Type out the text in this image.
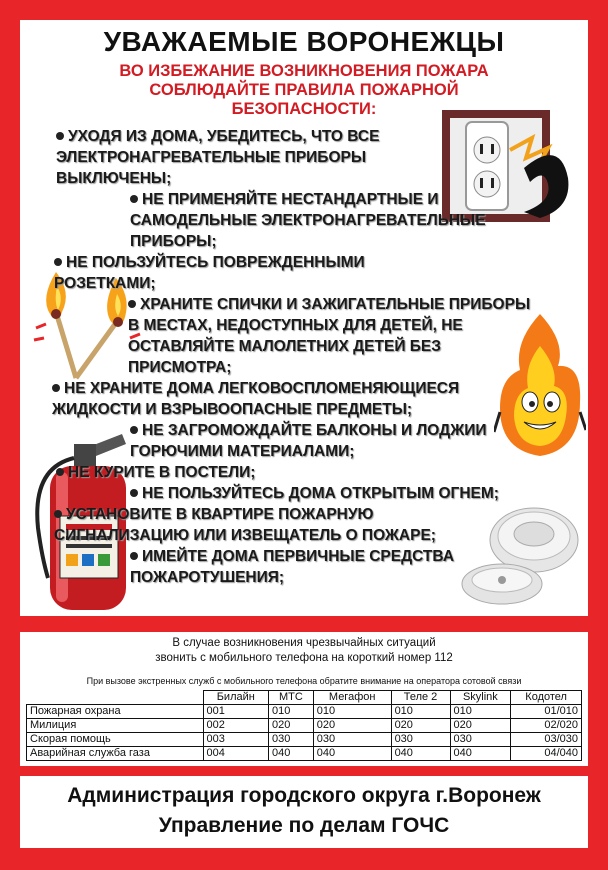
УВАЖАЕМЫЕ ВОРОНЕЖЦЫ
ВО ИЗБЕЖАНИЕ ВОЗНИКНОВЕНИЯ ПОЖАРА
СОБЛЮДАЙТЕ ПРАВИЛА ПОЖАРНОЙ
БЕЗОПАСНОСТИ:
УХОДЯ ИЗ ДОМА, УБЕДИТЕСЬ, ЧТО ВСЕ
ЭЛЕКТРОНАГРЕВАТЕЛЬНЫЕ ПРИБОРЫ
ВЫКЛЮЧЕНЫ;
НЕ ПРИМЕНЯЙТЕ НЕСТАНДАРТНЫЕ И
САМОДЕЛЬНЫЕ ЭЛЕКТРОНАГРЕВАТЕЛЬНЫЕ
ПРИБОРЫ;
НЕ ПОЛЬЗУЙТЕСЬ ПОВРЕЖДЕННЫМИ
РОЗЕТКАМИ;
ХРАНИТЕ СПИЧКИ И ЗАЖИГАТЕЛЬНЫЕ ПРИБОРЫ
В МЕСТАХ, НЕДОСТУПНЫХ ДЛЯ ДЕТЕЙ, НЕ
ОСТАВЛЯЙТЕ МАЛОЛЕТНИХ ДЕТЕЙ БЕЗ
ПРИСМОТРА;
НЕ ХРАНИТЕ ДОМА ЛЕГКОВОСПЛОМЕНЯЮЩИЕСЯ
ЖИДКОСТИ И ВЗРЫВООПАСНЫЕ ПРЕДМЕТЫ;
НЕ ЗАГРОМОЖДАЙТЕ БАЛКОНЫ И ЛОДЖИИ
ГОРЮЧИМИ МАТЕРИАЛАМИ;
НЕ КУРИТЕ В ПОСТЕЛИ;
НЕ ПОЛЬЗУЙТЕСЬ ДОМА ОТКРЫТЫМ ОГНЕМ;
УСТАНОВИТЕ В КВАРТИРЕ ПОЖАРНУЮ
СИГНАЛИЗАЦИЮ ИЛИ ИЗВЕЩАТЕЛЬ О ПОЖАРЕ;
ИМЕЙТЕ ДОМА ПЕРВИЧНЫЕ СРЕДСТВА
ПОЖАРОТУШЕНИЯ;
В случае возникновения чрезвычайных ситуаций
звонить с мобильного телефона на короткий номер 112
При вызове экстренных служб с мобильного телефона обратите внимание на оператора сотовой связи
	Билайн	МТС	Мегафон	Теле 2	Skylink	Кодотел
Пожарная охрана	001	010	010	010	010	01/010
Милиция	002	020	020	020	020	02/020
Скорая помощь	003	030	030	030	030	03/030
Аварийная служба газа	004	040	040	040	040	04/040
Администрация городского округа г.Воронеж
Управление по делам ГОЧС
